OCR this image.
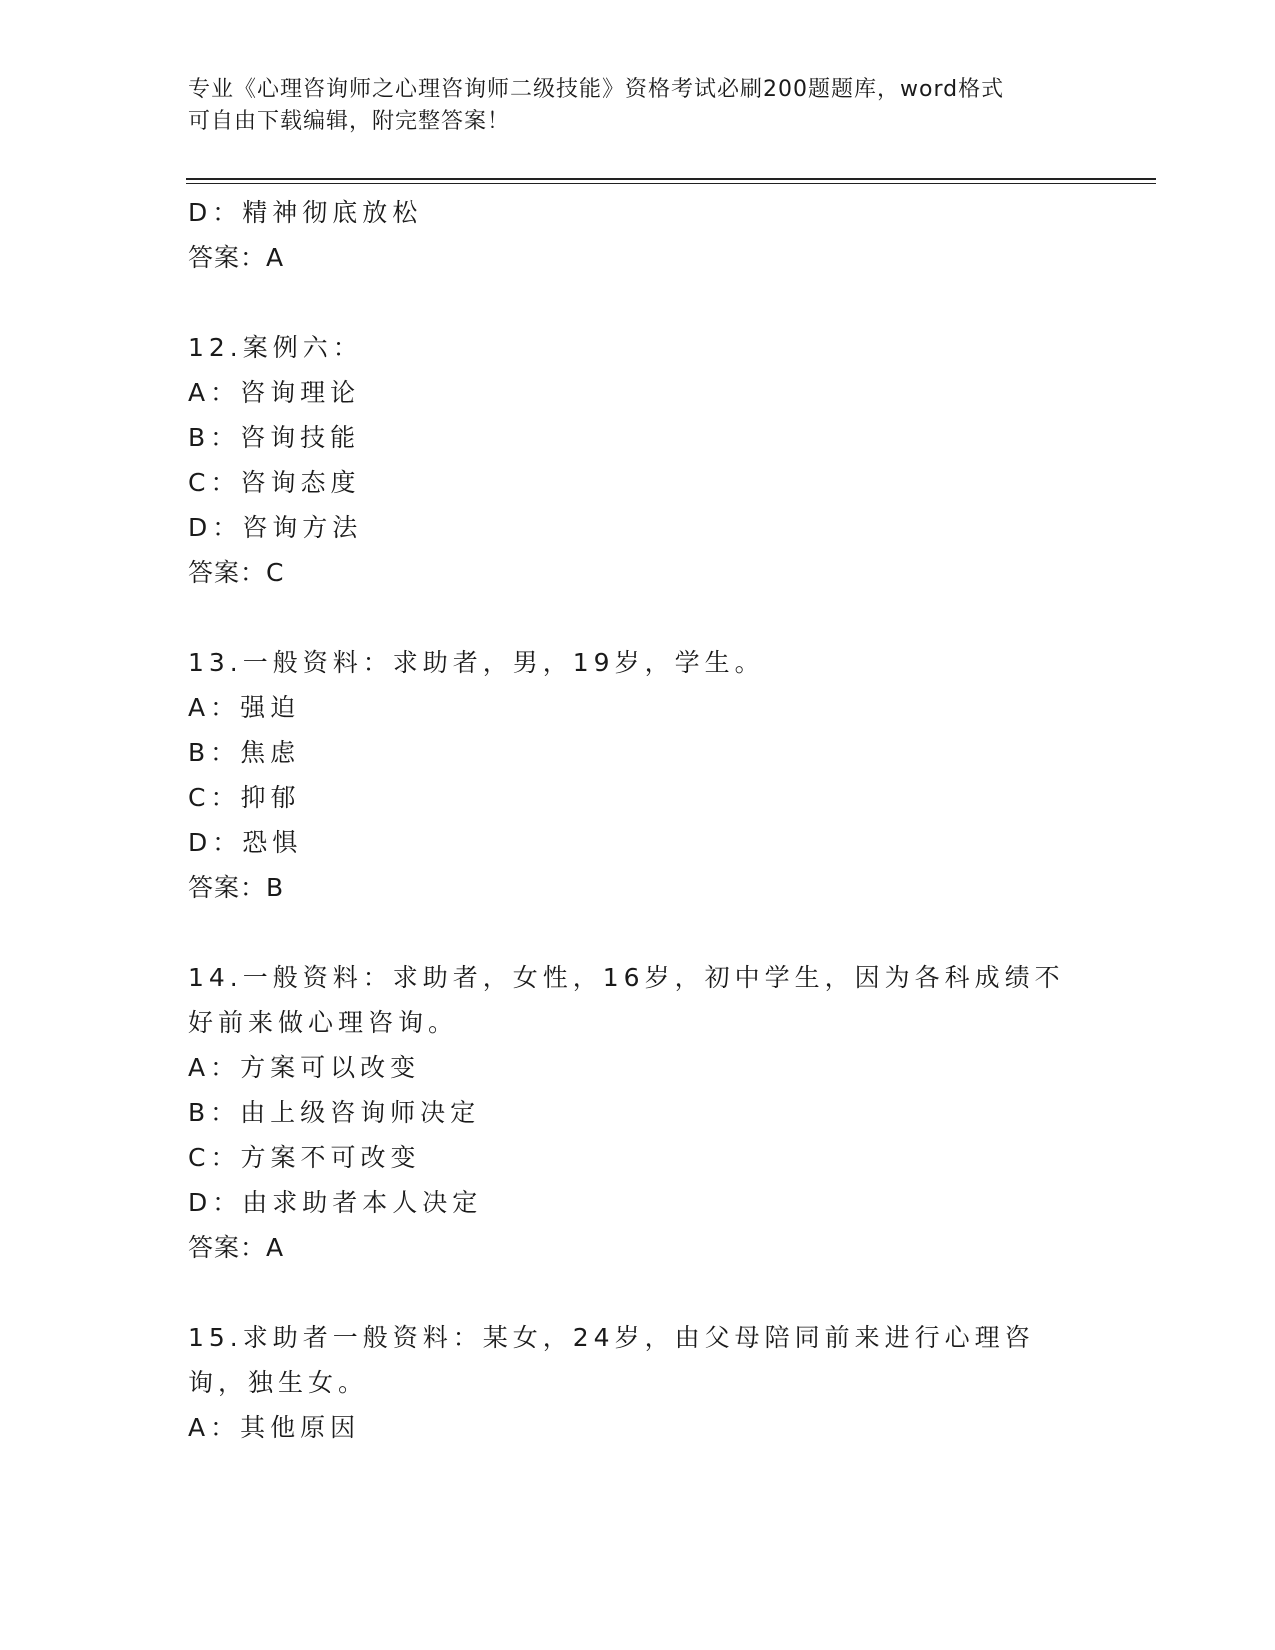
专业《心理咨询师之心理咨询师二级技能》资格考试必刷200题题库，word格式
可自由下载编辑，附完整答案！
D：精神彻底放松
答案：A
12.案例六：
A：咨询理论
B：咨询技能
C：咨询态度
D：咨询方法
答案：C
13.一般资料：求助者，男，19岁，学生。
A：强迫
B：焦虑
C：抑郁
D：恐惧
答案：B
14.一般资料：求助者，女性，16岁，初中学生，因为各科成绩不好前来做心理咨询。
A：方案可以改变
B：由上级咨询师决定
C：方案不可改变
D：由求助者本人决定
答案：A
15.求助者一般资料：某女，24岁，由父母陪同前来进行心理咨询，独生女。
A：其他原因
